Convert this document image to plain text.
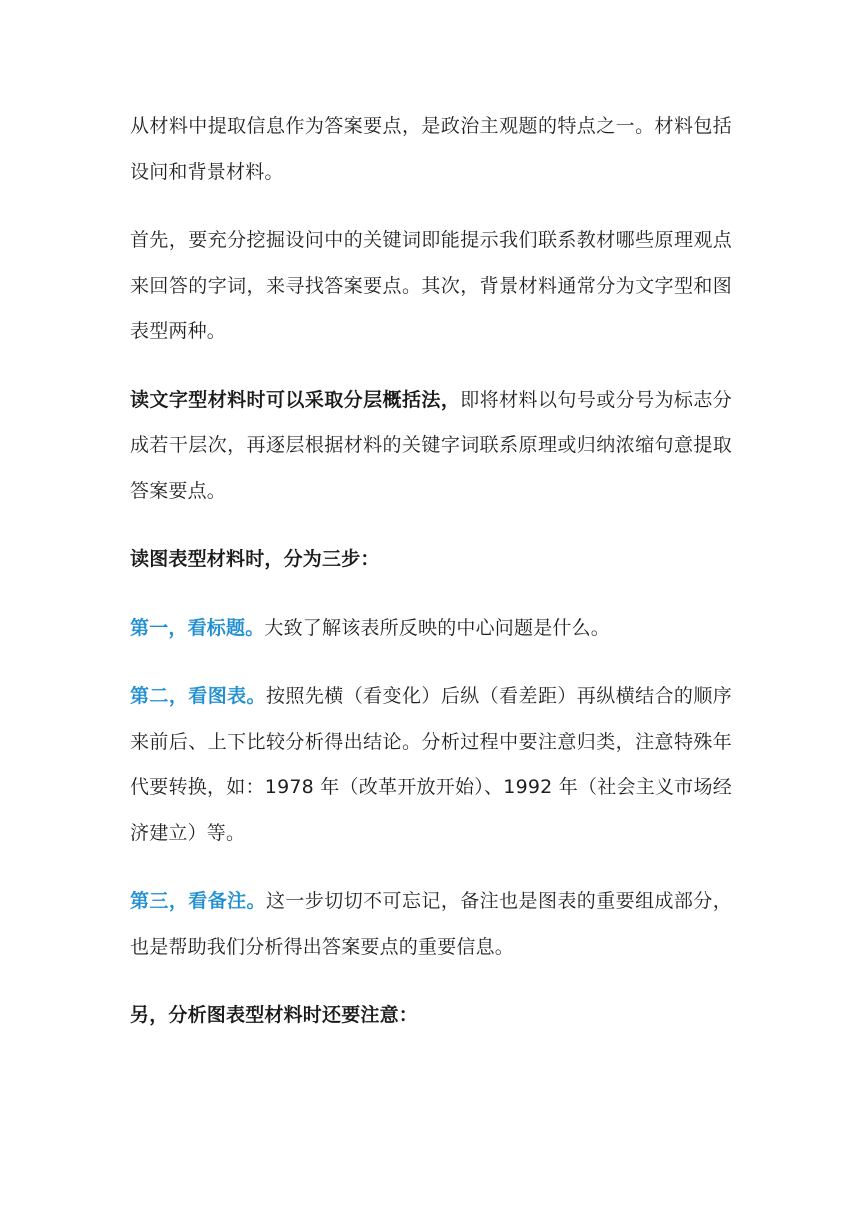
从材料中提取信息作为答案要点，是政治主观题的特点之一。材料包括设问和背景材料。

首先，要充分挖掘设问中的关键词即能提示我们联系教材哪些原理观点来回答的字词，来寻找答案要点。其次，背景材料通常分为文字型和图表型两种。

读文字型材料时可以采取分层概括法，即将材料以句号或分号为标志分成若干层次，再逐层根据材料的关键字词联系原理或归纳浓缩句意提取答案要点。

读图表型材料时，分为三步：

第一，看标题。大致了解该表所反映的中心问题是什么。

第二，看图表。按照先横（看变化）后纵（看差距）再纵横结合的顺序来前后、上下比较分析得出结论。分析过程中要注意归类，注意特殊年代要转换，如：1978 年（改革开放开始）、1992 年（社会主义市场经济建立）等。

第三，看备注。这一步切切不可忘记，备注也是图表的重要组成部分，也是帮助我们分析得出答案要点的重要信息。

另，分析图表型材料时还要注意：
